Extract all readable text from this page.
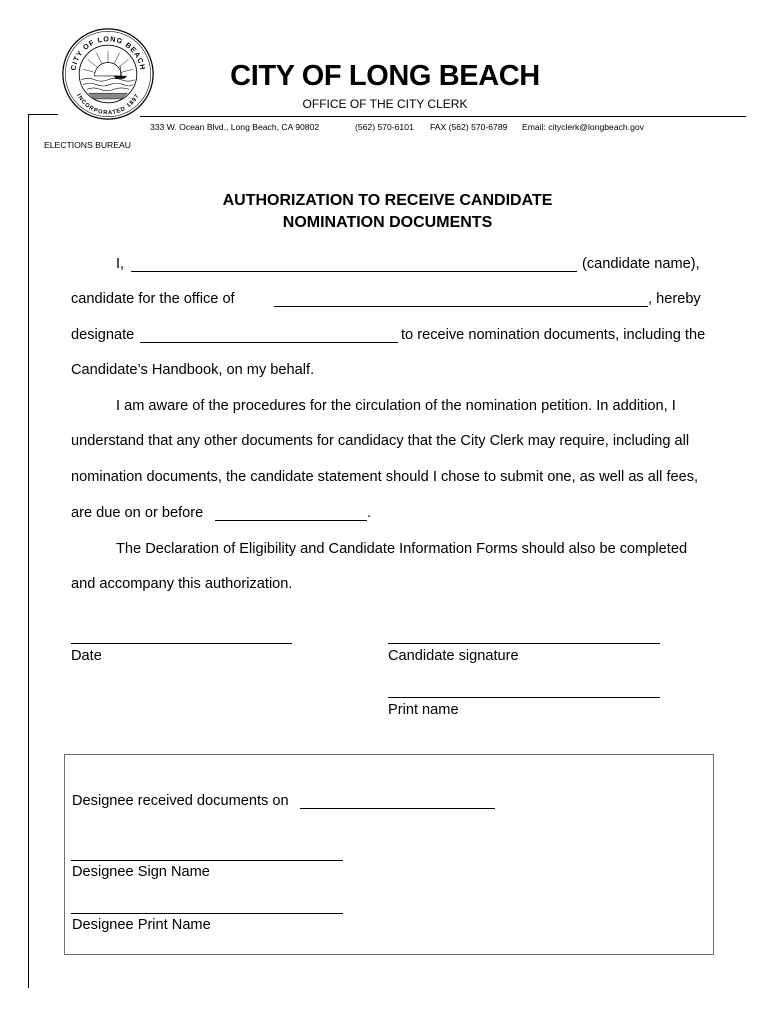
CITY OF LONG BEACH
INCORPORATED 1897
CITY OF LONG BEACH
OFFICE OF THE CITY CLERK
333 W. Ocean Blvd., Long Beach, CA 90802	(562) 570-6101 FAX (562) 570-6789 Email: cityclerk@longbeach.gov
ELECTIONS BUREAU
AUTHORIZATION TO RECEIVE CANDIDATE
NOMINATION DOCUMENTS
I,	(candidate name),
candidate for the office of	, hereby
designate	to receive nomination documents, including the
Candidate’s Handbook, on my behalf.
I am aware of the procedures for the circulation of the nomination petition. In addition, I
understand that any other documents for candidacy that the City Clerk may require, including all
nomination documents, the candidate statement should I chose to submit one, as well as all fees,
are due on or before	.
The Declaration of Eligibility and Candidate Information Forms should also be completed
and accompany this authorization.
Date	Candidate signature
Print name
Designee received documents on
Designee Sign Name
Designee Print Name
